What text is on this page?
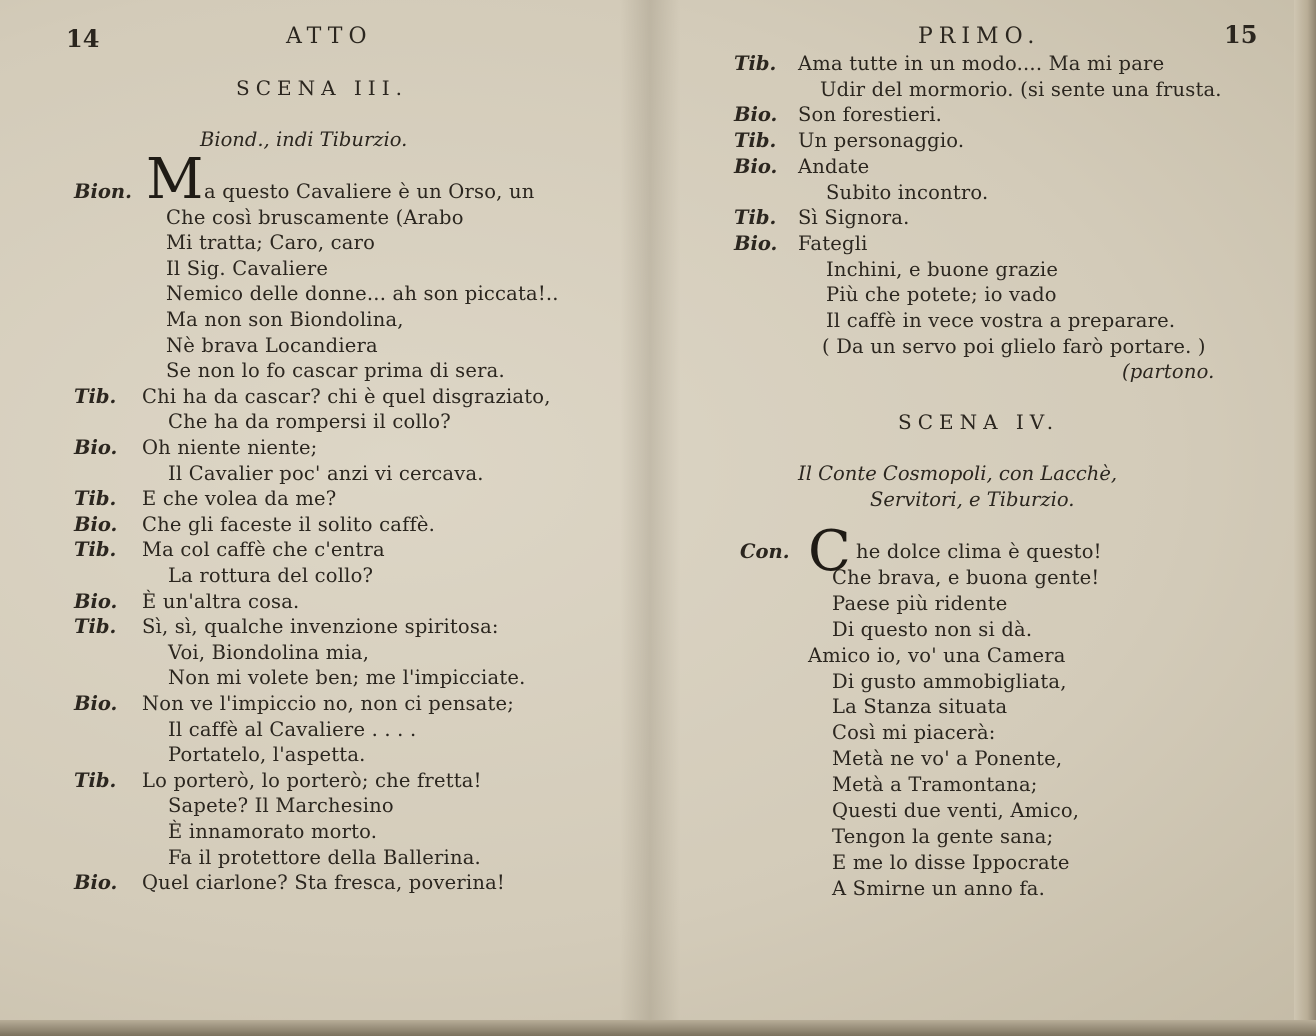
14	ATTO
SCENA III.
Biond., indi Tiburzio.
M
Bion.	a questo Cavaliere è un Orso, un
Che così bruscamente (Arabo
Mi tratta; Caro, caro
Il Sig. Cavaliere
Nemico delle donne... ah son piccata!..
Ma non son Biondolina,
Nè brava Locandiera
Se non lo fo cascar prima di sera.
Tib. Chi ha da cascar? chi è quel disgraziato,
Che ha da rompersi il collo?
Bio. Oh niente niente;
Il Cavalier poc' anzi vi cercava.
Tib. E che volea da me?
Bio. Che gli faceste il solito caffè.
Tib. Ma col caffè che c'entra
La rottura del collo?
Bio. È un'altra cosa.
Tib. Sì, sì, qualche invenzione spiritosa:
Voi, Biondolina mia,
Non mi volete ben; me l'impicciate.
Bio. Non ve l'impiccio no, non ci pensate;
Il caffè al Cavaliere . . . .
Portatelo, l'aspetta.
Tib. Lo porterò, lo porterò; che fretta!
Sapete? Il Marchesino
È innamorato morto.
Fa il protettore della Ballerina.
Bio. Quel ciarlone? Sta fresca, poverina!
PRIMO.	15
Tib. Ama tutte in un modo.... Ma mi pare
Udir del mormorio. (si sente una frusta.
Bio. Son forestieri.
Tib. Un personaggio.
Bio. Andate
Subito incontro.
Tib. Sì Signora.
Bio. Fategli
Inchini, e buone grazie
Più che potete; io vado
Il caffè in vece vostra a preparare.
( Da un servo poi glielo farò portare. )
(partono.
SCENA IV.
Il Conte Cosmopoli, con Lacchè,
Servitori, e Tiburzio.
C
Con.	he dolce clima è questo!
Che brava, e buona gente!
Paese più ridente
Di questo non si dà.
Amico io, vo' una Camera
Di gusto ammobigliata,
La Stanza situata
Così mi piacerà:
Metà ne vo' a Ponente,
Metà a Tramontana;
Questi due venti, Amico,
Tengon la gente sana;
E me lo disse Ippocrate
A Smirne un anno fa.
